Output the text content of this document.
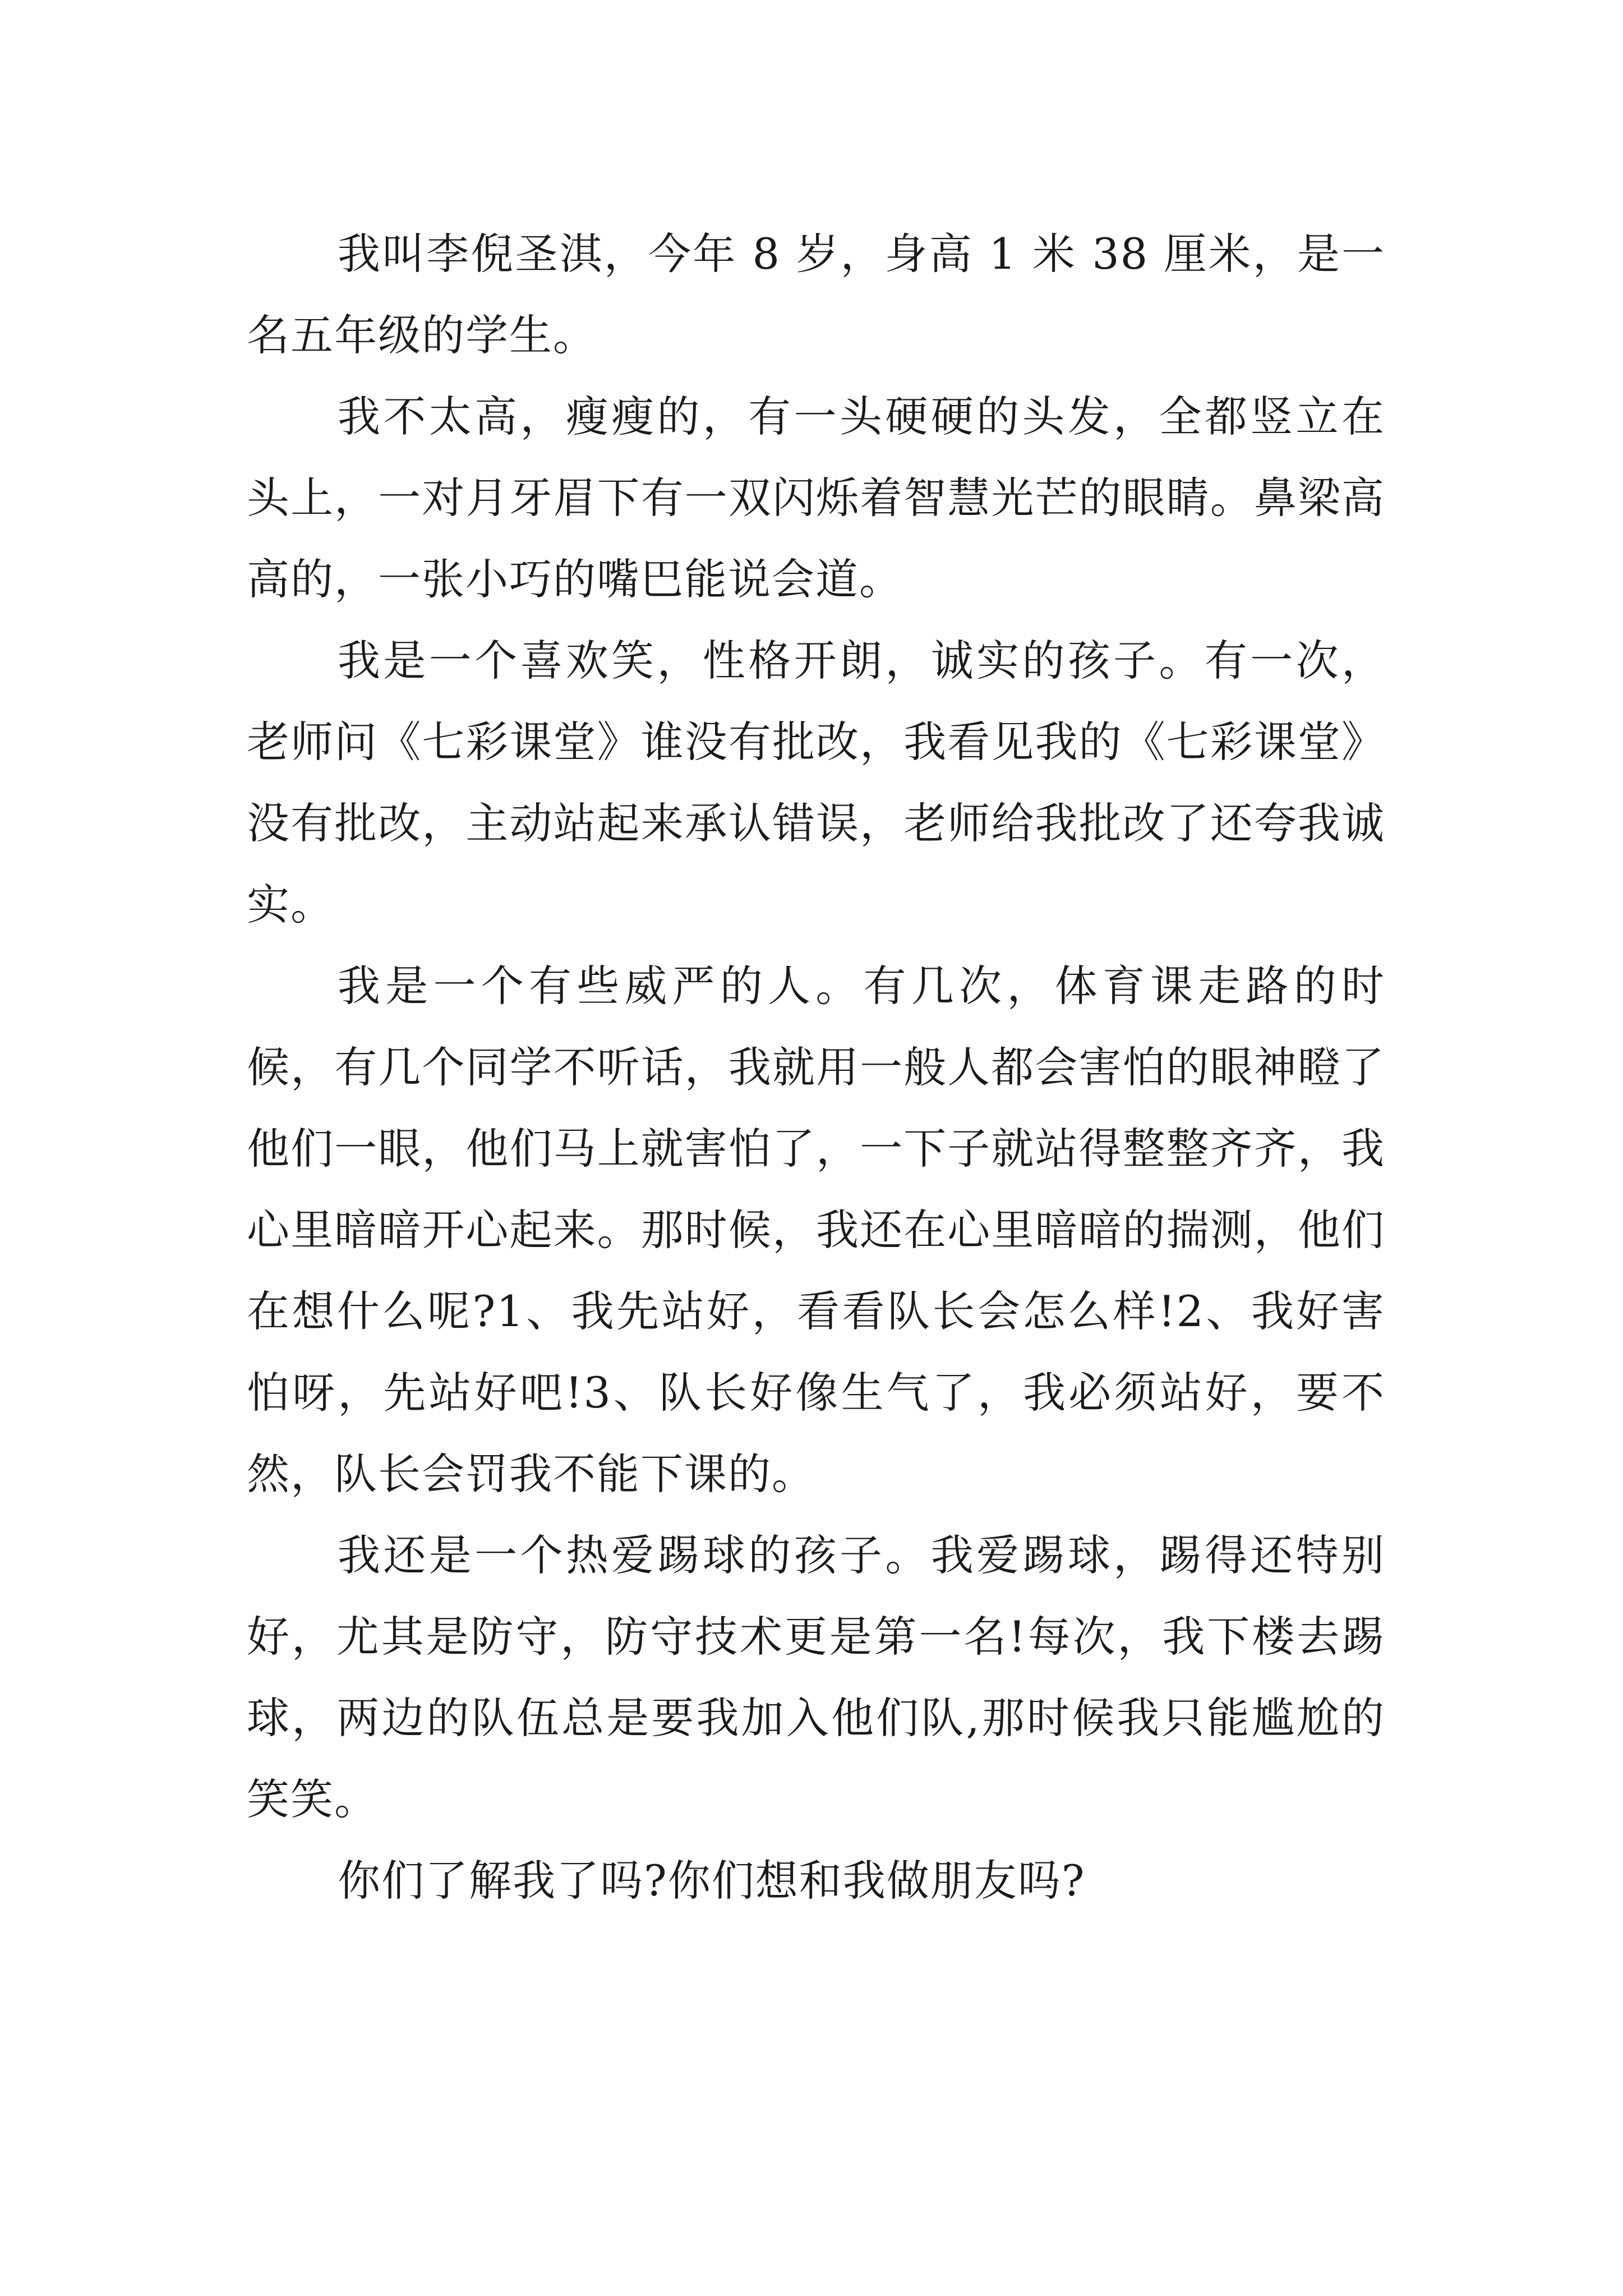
我叫李倪圣淇，今年 8 岁，身高 1 米 38 厘米，是一名五年级的学生。

我不太高，瘦瘦的，有一头硬硬的头发，全都竖立在头上，一对月牙眉下有一双闪烁着智慧光芒的眼睛。鼻梁高高的，一张小巧的嘴巴能说会道。

我是一个喜欢笑，性格开朗，诚实的孩子。有一次，老师问《七彩课堂》谁没有批改，我看见我的《七彩课堂》没有批改，主动站起来承认错误，老师给我批改了还夸我诚实。

我是一个有些威严的人。有几次，体育课走路的时候，有几个同学不听话，我就用一般人都会害怕的眼神瞪了他们一眼，他们马上就害怕了，一下子就站得整整齐齐，我心里暗暗开心起来。那时候，我还在心里暗暗的揣测，他们在想什么呢?1、我先站好，看看队长会怎么样!2、我好害怕呀，先站好吧!3、队长好像生气了，我必须站好，要不然，队长会罚我不能下课的。

我还是一个热爱踢球的孩子。我爱踢球，踢得还特别好，尤其是防守，防守技术更是第一名!每次，我下楼去踢球，两边的队伍总是要我加入他们队,那时候我只能尴尬的笑笑。

你们了解我了吗?你们想和我做朋友吗?
